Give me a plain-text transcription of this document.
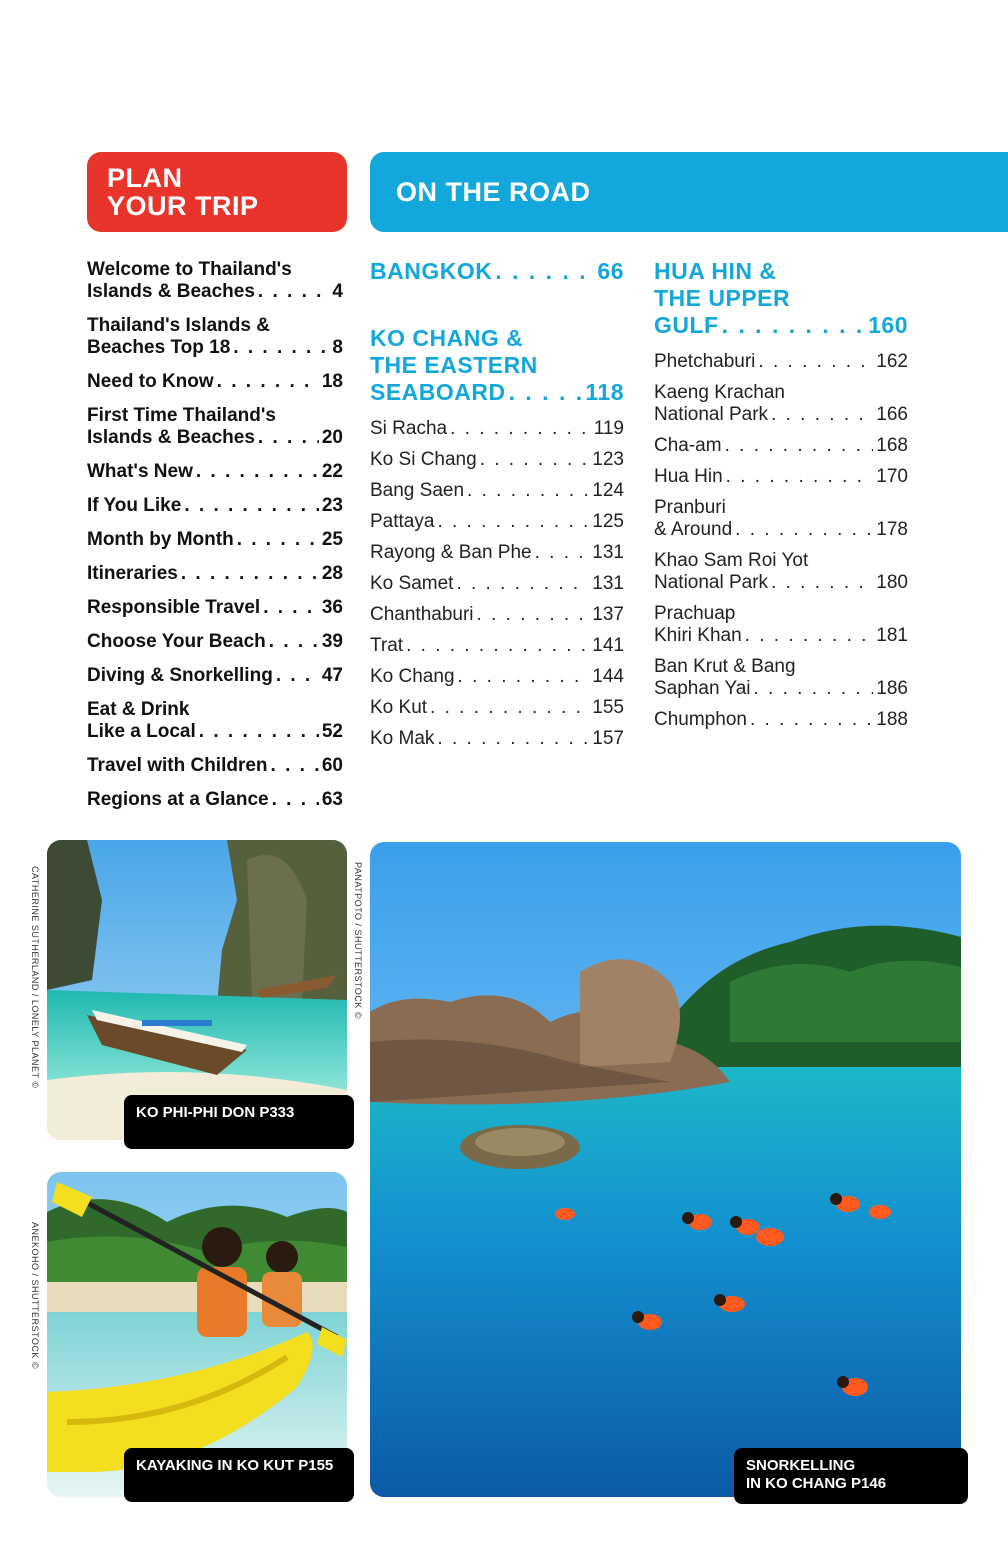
PLAN
YOUR TRIP	ON THE ROAD
Welcome to Thailand's
Islands & Beaches . . .	4
Thailand's Islands &
Beaches Top 18 . . .	8
Need to Know . . .	18
First Time Thailand's
Islands & Beaches . . .	20
What's New . . .	22
If You Like . . .	23
Month by Month . . .	25
Itineraries . . .	28
Responsible Travel . . .	36
Choose Your Beach . . .	39
Diving & Snorkelling . . .	47
Eat & Drink
Like a Local . . .	52
Travel with Children . . .	60
Regions at a Glance . . .	63
BANGKOK . . .	66
KO CHANG &
THE EASTERN
SEABOARD . . .	118
Si Racha . . .	119
Ko Si Chang . . .	123
Bang Saen . . .	124
Pattaya . . .	125
Rayong & Ban Phe . . .	131
Ko Samet . . .	131
Chanthaburi . . .	137
Trat . . .	141
Ko Chang . . .	144
Ko Kut . . .	155
Ko Mak . . .	157
HUA HIN &
THE UPPER
GULF . . .	160
Phetchaburi . . .	162
Kaeng Krachan
National Park . . .	166
Cha-am . . .	168
Hua Hin . . .	170
Pranburi
& Around . . .	178
Khao Sam Roi Yot
National Park . . .	180
Prachuap
Khiri Khan . . .	181
Ban Krut & Bang
Saphan Yai . . .	186
Chumphon . . .	188
CATHERINE SUTHERLAND / LONELY PLANET ©
KO PHI-PHI DON P333
ANEKOHO / SHUTTERSTOCK ©
KAYAKING IN KO KUT P155
PANATPOTO / SHUTTERSTOCK ©
SNORKELLING
IN KO CHANG P146
